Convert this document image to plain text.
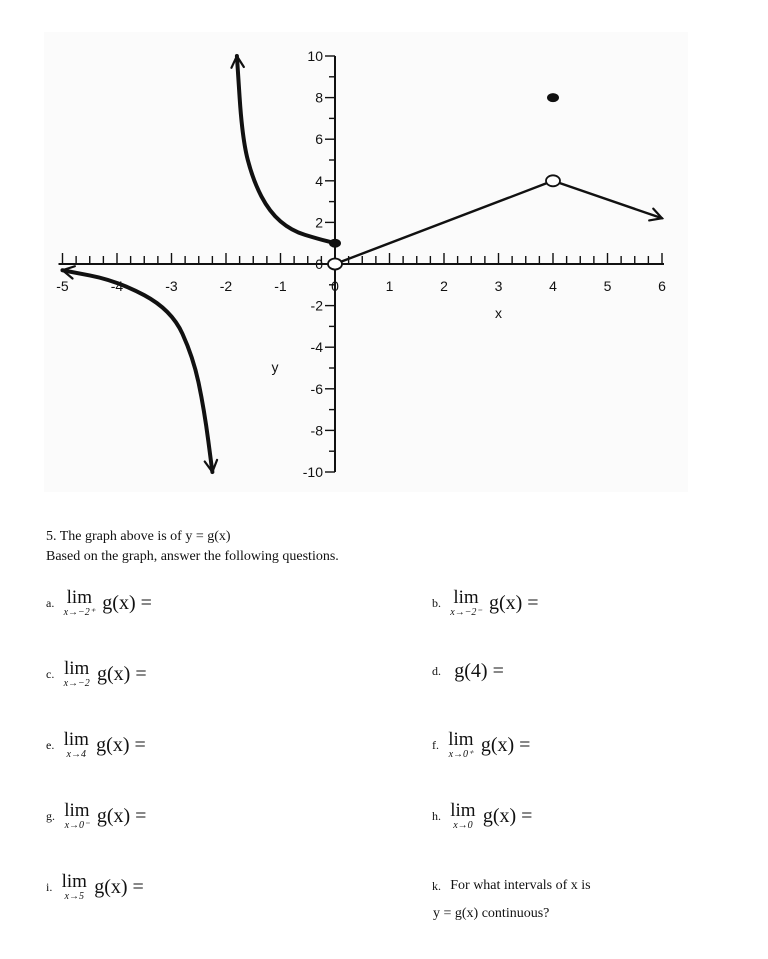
-5	-4	-3	-2	-1	0	1	2	3	4	5	6
10
8
6
4
2
0
-2
-4
-6
-8
-10
x
y
5. The graph above is of y = g(x)
Based on the graph, answer the following questions.
a. lim
x→−2⁺ g(x) =	b. lim
x→−2⁻ g(x) =
c. lim
x→−2 g(x) =	d. g(4) =
e. lim
x→4 g(x) =	f. lim
x→0⁺ g(x) =
g. lim
x→0⁻ g(x) =	h. lim
x→0 g(x) =
i. lim
x→5 g(x) =	k. For what intervals of x is
y = g(x) continuous?
